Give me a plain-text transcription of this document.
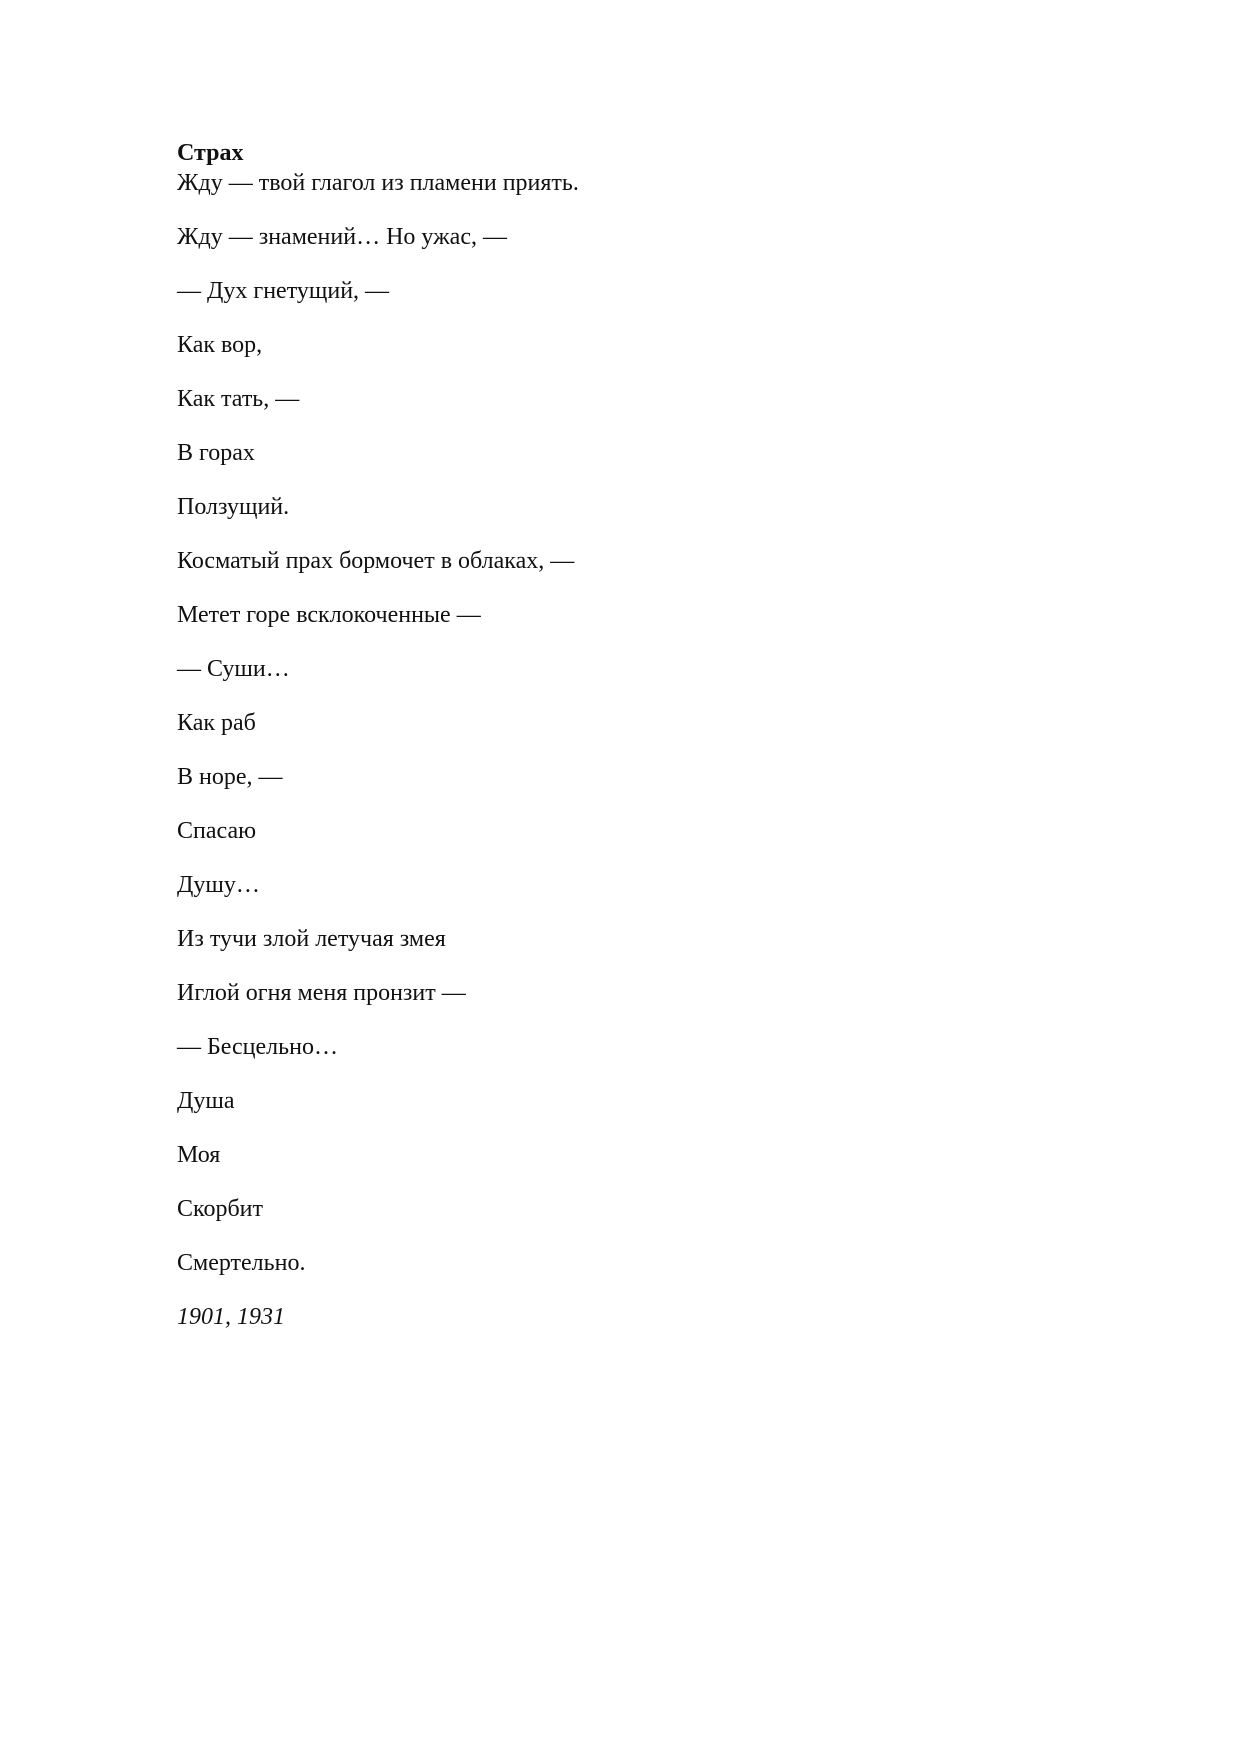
Страх
Жду — твой глагол из пламени приять.
Жду — знамений… Но ужас, —
— Дух гнетущий, —
Как вор,
Как тать, —
В горах
Ползущий.
Косматый прах бормочет в облаках, —
Метет горе всклокоченные —
— Суши…
Как раб
В норе, —
Спасаю
Душу…
Из тучи злой летучая змея
Иглой огня меня пронзит —
— Бесцельно…
Душа
Моя
Скорбит
Смертельно.
1901, 1931
